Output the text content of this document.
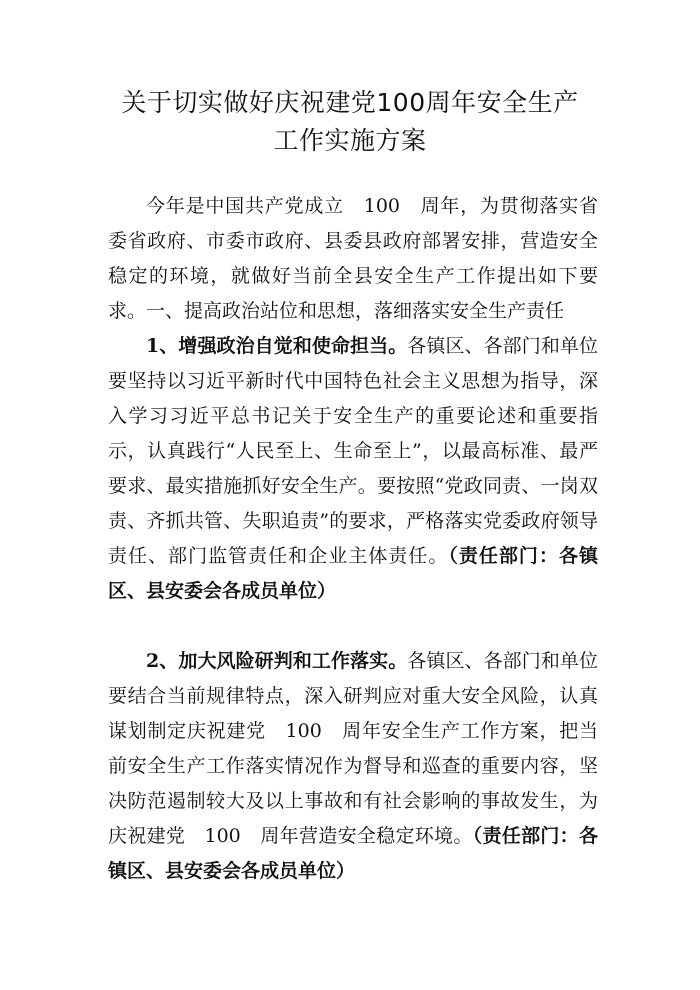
关于切实做好庆祝建党100周年安全生产
工作实施方案
今年是中国共产党成立　100　周年，为贯彻落实省委省政府、市委市政府、县委县政府部署安排，营造安全稳定的环境，就做好当前全县安全生产工作提出如下要求。 一、提高政治站位和思想，落细落实安全生产责任
1、增强政治自觉和使命担当。各镇区、各部门和单位要坚持以习近平新时代中国特色社会主义思想为指导，深入学习习近平总书记关于安全生产的重要论述和重要指示，认真践行“人民至上、生命至上”，以最高标准、最严要求、最实措施抓好安全生产。要按照“党政同责、一岗双责、齐抓共管、失职追责”的要求，严格落实党委政府领导责任、部门监管责任和企业主体责任。（责任部门：各镇区、县安委会各成员单位）
2、加大风险研判和工作落实。各镇区、各部门和单位要结合当前规律特点，深入研判应对重大安全风险，认真谋划制定庆祝建党　100　周年安全生产工作方案，把当前安全生产工作落实情况作为督导和巡查的重要内容，坚决防范遏制较大及以上事故和有社会影响的事故发生，为庆祝建党　100　周年营造安全稳定环境。（责任部门：各镇区、县安委会各成员单位）
